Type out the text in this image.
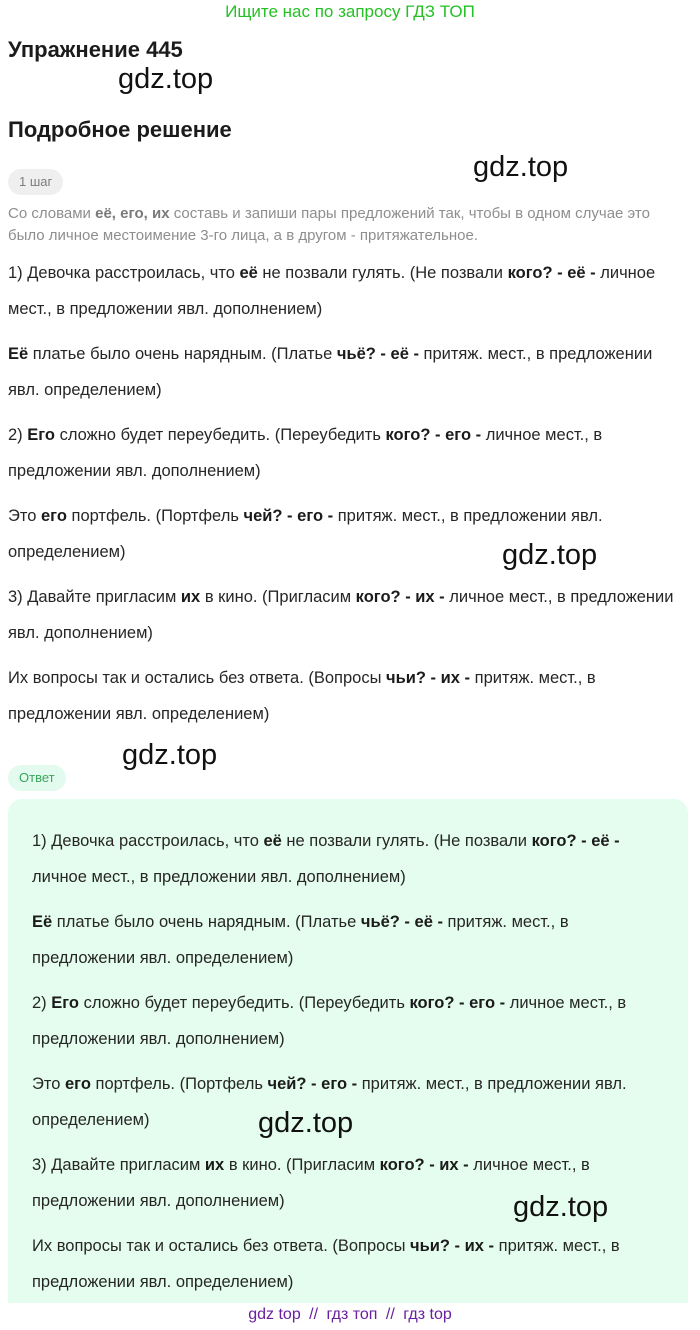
Ищите нас по запросу ГДЗ ТОП
Упражнение 445
gdz.top
Подробное решение
gdz.top
1 шаг

Со словами её, его, их составь и запиши пары предложений так, чтобы в одном случае это было личное местоимение 3-го лица, а в другом - притяжательное.

1) Девочка расстроилась, что её не позвали гулять. (Не позвали кого? - её - личное мест., в предложении явл. дополнением)

Её платье было очень нарядным. (Платье чьё? - её - притяж. мест., в предложении явл. определением)

2) Его сложно будет переубедить. (Переубедить кого? - его - личное мест., в предложении явл. дополнением)

Это его портфель. (Портфель чей? - его - притяж. мест., в предложении явл. определением)

3) Давайте пригласим их в кино. (Пригласим кого? - их - личное мест., в предложении явл. дополнением)

Их вопросы так и остались без ответа. (Вопросы чьи? - их - притяж. мест., в предложении явл. определением)

gdz.top
gdz.top
Ответ

1) Девочка расстроилась, что её не позвали гулять. (Не позвали кого? - её - личное мест., в предложении явл. дополнением)

Её платье было очень нарядным. (Платье чьё? - её - притяж. мест., в предложении явл. определением)

2) Его сложно будет переубедить. (Переубедить кого? - его - личное мест., в предложении явл. дополнением)

Это его портфель. (Портфель чей? - его - притяж. мест., в предложении явл. определением)

3) Давайте пригласим их в кино. (Пригласим кого? - их - личное мест., в предложении явл. дополнением)

Их вопросы так и остались без ответа. (Вопросы чьи? - их - притяж. мест., в предложении явл. определением)

gdz.top
gdz.top
gdz top // гдз топ // гдз top
